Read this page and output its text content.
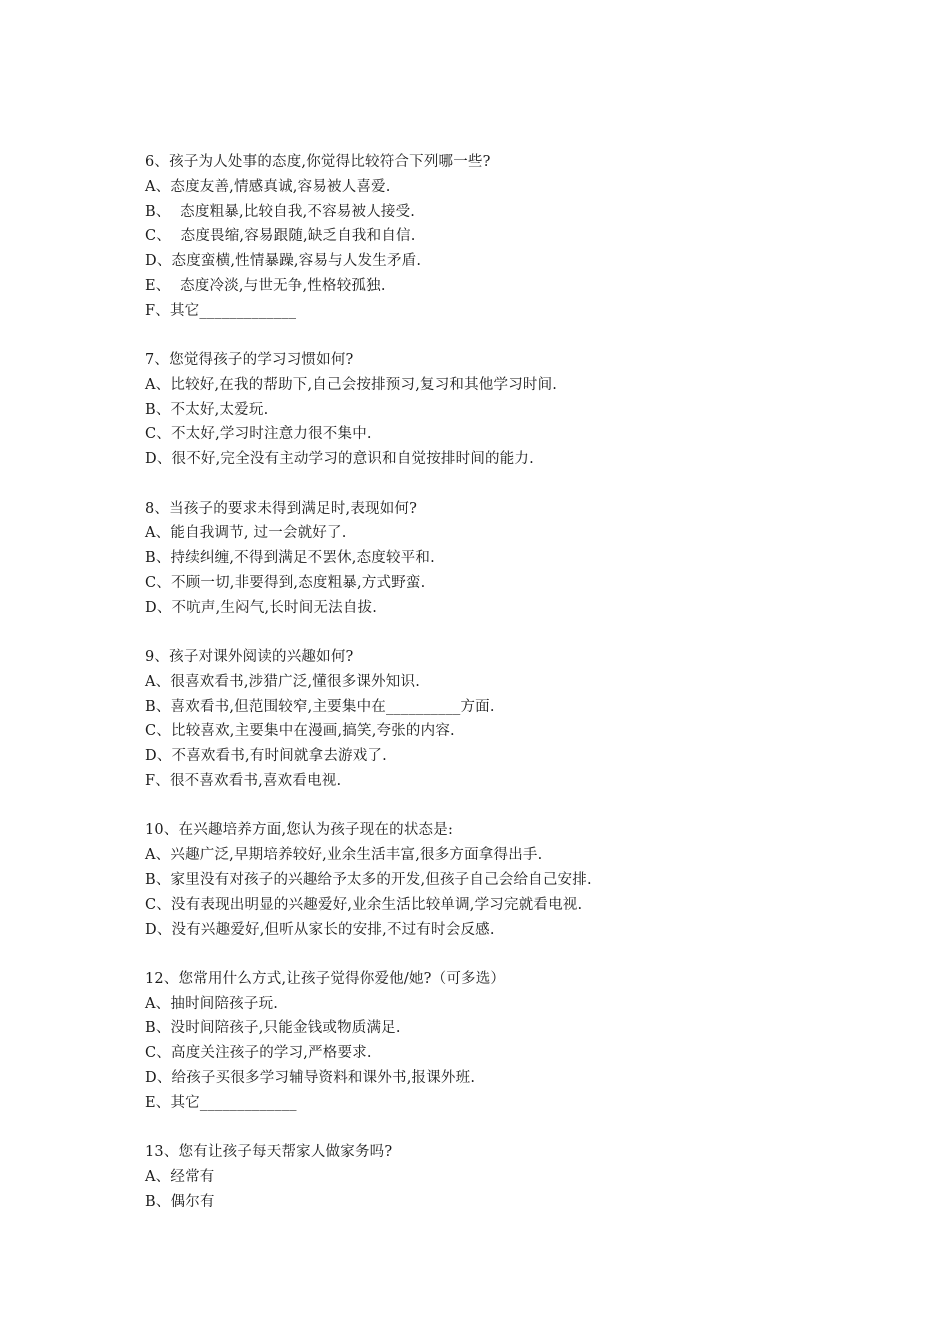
6、孩子为人处事的态度,你觉得比较符合下列哪一些?
A、态度友善,情感真诚,容易被人喜爱.
B、  态度粗暴,比较自我,不容易被人接受.
C、  态度畏缩,容易跟随,缺乏自我和自信.
D、态度蛮横,性情暴躁,容易与人发生矛盾.
E、  态度冷淡,与世无争,性格较孤独.
F、其它_____________
7、您觉得孩子的学习习惯如何?
A、比较好,在我的帮助下,自己会按排预习,复习和其他学习时间.
B、不太好,太爱玩.
C、不太好,学习时注意力很不集中.
D、很不好,完全没有主动学习的意识和自觉按排时间的能力.
8、当孩子的要求未得到满足时,表现如何?
A、能自我调节, 过一会就好了.
B、持续纠缠,不得到满足不罢休,态度较平和.
C、不顾一切,非要得到,态度粗暴,方式野蛮.
D、不吭声,生闷气,长时间无法自拔.
9、孩子对课外阅读的兴趣如何?
A、很喜欢看书,涉猎广泛,懂很多课外知识.
B、喜欢看书,但范围较窄,主要集中在__________方面.
C、比较喜欢,主要集中在漫画,搞笑,夸张的内容.
D、不喜欢看书,有时间就拿去游戏了.
F、很不喜欢看书,喜欢看电视.
10、在兴趣培养方面,您认为孩子现在的状态是:
A、兴趣广泛,早期培养较好,业余生活丰富,很多方面拿得出手.
B、家里没有对孩子的兴趣给予太多的开发,但孩子自己会给自己安排.
C、没有表现出明显的兴趣爱好,业余生活比较单调,学习完就看电视.
D、没有兴趣爱好,但听从家长的安排,不过有时会反感.
12、您常用什么方式,让孩子觉得你爱他/她?（可多选）
A、抽时间陪孩子玩.
B、没时间陪孩子,只能金钱或物质满足.
C、高度关注孩子的学习,严格要求.
D、给孩子买很多学习辅导资料和课外书,报课外班.
E、其它_____________
13、您有让孩子每天帮家人做家务吗?
A、经常有
B、偶尔有
